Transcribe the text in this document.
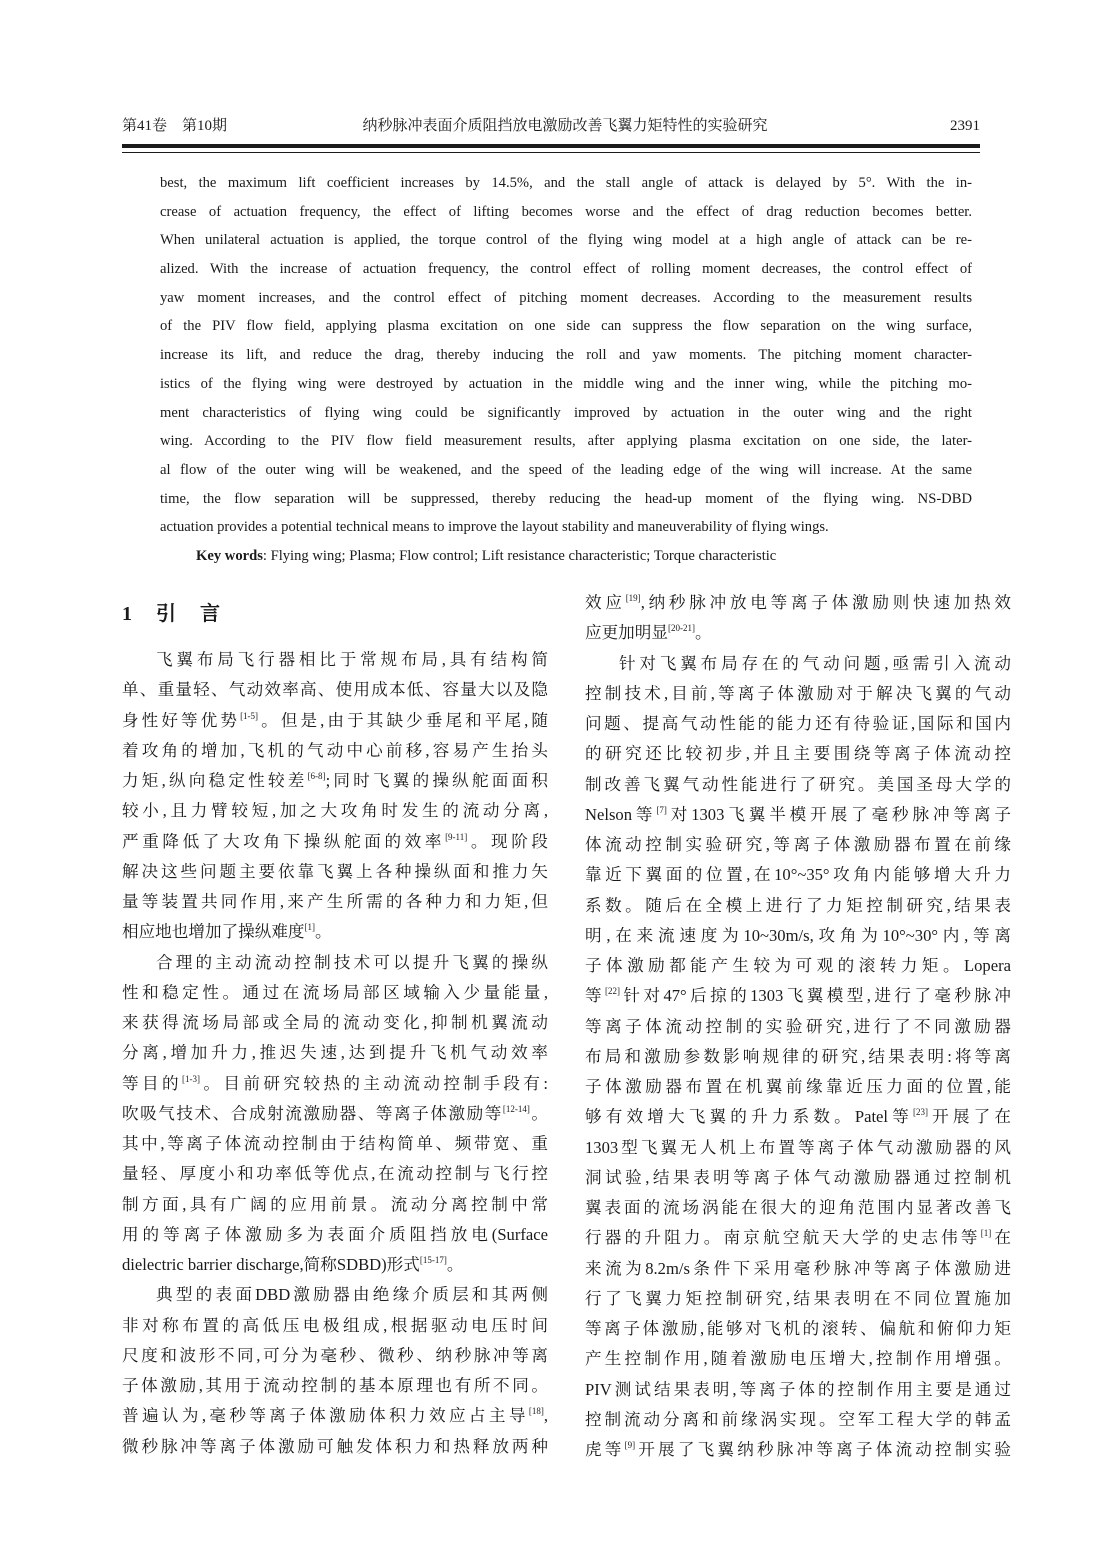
第41卷　第10期	纳秒脉冲表面介质阻挡放电激励改善飞翼力矩特性的实验研究	2391
best, the maximum lift coefficient increases by 14.5%, and the stall angle of attack is delayed by 5°. With the in-
crease of actuation frequency, the effect of lifting becomes worse and the effect of drag reduction becomes better.
When unilateral actuation is applied, the torque control of the flying wing model at a high angle of attack can be re-
alized. With the increase of actuation frequency, the control effect of rolling moment decreases, the control effect of
yaw moment increases, and the control effect of pitching moment decreases. According to the measurement results
of the PIV flow field, applying plasma excitation on one side can suppress the flow separation on the wing surface,
increase its lift, and reduce the drag, thereby inducing the roll and yaw moments. The pitching moment character-
istics of the flying wing were destroyed by actuation in the middle wing and the inner wing, while the pitching mo-
ment characteristics of flying wing could be significantly improved by actuation in the outer wing and the right
wing. According to the PIV flow field measurement results, after applying plasma excitation on one side, the later-
al flow of the outer wing will be weakened, and the speed of the leading edge of the wing will increase. At the same
time, the flow separation will be suppressed, thereby reducing the head-up moment of the flying wing. NS-DBD
actuation provides a potential technical means to improve the layout stability and maneuverability of flying wings.
Key words: Flying wing; Plasma; Flow control; Lift resistance characteristic; Torque characteristic
1 引　言
飞翼布局飞行器相比于常规布局,具有结构简
单、重量轻、气动效率高、使用成本低、容量大以及隐
身性好等优势[1-5]。但是,由于其缺少垂尾和平尾,随
着攻角的增加,飞机的气动中心前移,容易产生抬头
力矩,纵向稳定性较差[6-8];同时飞翼的操纵舵面面积
较小,且力臂较短,加之大攻角时发生的流动分离,
严重降低了大攻角下操纵舵面的效率[9-11]。现阶段
解决这些问题主要依靠飞翼上各种操纵面和推力矢
量等装置共同作用,来产生所需的各种力和力矩,但
相应地也增加了操纵难度[1]。
合理的主动流动控制技术可以提升飞翼的操纵
性和稳定性。通过在流场局部区域输入少量能量,
来获得流场局部或全局的流动变化,抑制机翼流动
分离,增加升力,推迟失速,达到提升飞机气动效率
等目的[1-3]。目前研究较热的主动流动控制手段有:
吹吸气技术、合成射流激励器、等离子体激励等[12-14]。
其中,等离子体流动控制由于结构简单、频带宽、重
量轻、厚度小和功率低等优点,在流动控制与飞行控
制方面,具有广阔的应用前景。流动分离控制中常
用的等离子体激励多为表面介质阻挡放电(Surface
dielectric barrier discharge,简称SDBD)形式[15-17]。
典型的表面DBD激励器由绝缘介质层和其两侧
非对称布置的高低压电极组成,根据驱动电压时间
尺度和波形不同,可分为毫秒、微秒、纳秒脉冲等离
子体激励,其用于流动控制的基本原理也有所不同。
普遍认为,毫秒等离子体激励体积力效应占主导[18],
微秒脉冲等离子体激励可触发体积力和热释放两种
效应[19],纳秒脉冲放电等离子体激励则快速加热效
应更加明显[20-21]。
针对飞翼布局存在的气动问题,亟需引入流动
控制技术,目前,等离子体激励对于解决飞翼的气动
问题、提高气动性能的能力还有待验证,国际和国内
的研究还比较初步,并且主要围绕等离子体流动控
制改善飞翼气动性能进行了研究。美国圣母大学的
Nelson等[7]对1303飞翼半模开展了毫秒脉冲等离子
体流动控制实验研究,等离子体激励器布置在前缘
靠近下翼面的位置,在10°~35°攻角内能够增大升力
系数。随后在全模上进行了力矩控制研究,结果表
明,在来流速度为10~30m/s,攻角为10°~30°内,等离
子体激励都能产生较为可观的滚转力矩。Lopera
等[22]针对47°后掠的1303飞翼模型,进行了毫秒脉冲
等离子体流动控制的实验研究,进行了不同激励器
布局和激励参数影响规律的研究,结果表明:将等离
子体激励器布置在机翼前缘靠近压力面的位置,能
够有效增大飞翼的升力系数。Patel等[23]开展了在
1303型飞翼无人机上布置等离子体气动激励器的风
洞试验,结果表明等离子体气动激励器通过控制机
翼表面的流场涡能在很大的迎角范围内显著改善飞
行器的升阻力。南京航空航天大学的史志伟等[1]在
来流为8.2m/s条件下采用毫秒脉冲等离子体激励进
行了飞翼力矩控制研究,结果表明在不同位置施加
等离子体激励,能够对飞机的滚转、偏航和俯仰力矩
产生控制作用,随着激励电压增大,控制作用增强。
PIV测试结果表明,等离子体的控制作用主要是通过
控制流动分离和前缘涡实现。空军工程大学的韩孟
虎等[9]开展了飞翼纳秒脉冲等离子体流动控制实验
